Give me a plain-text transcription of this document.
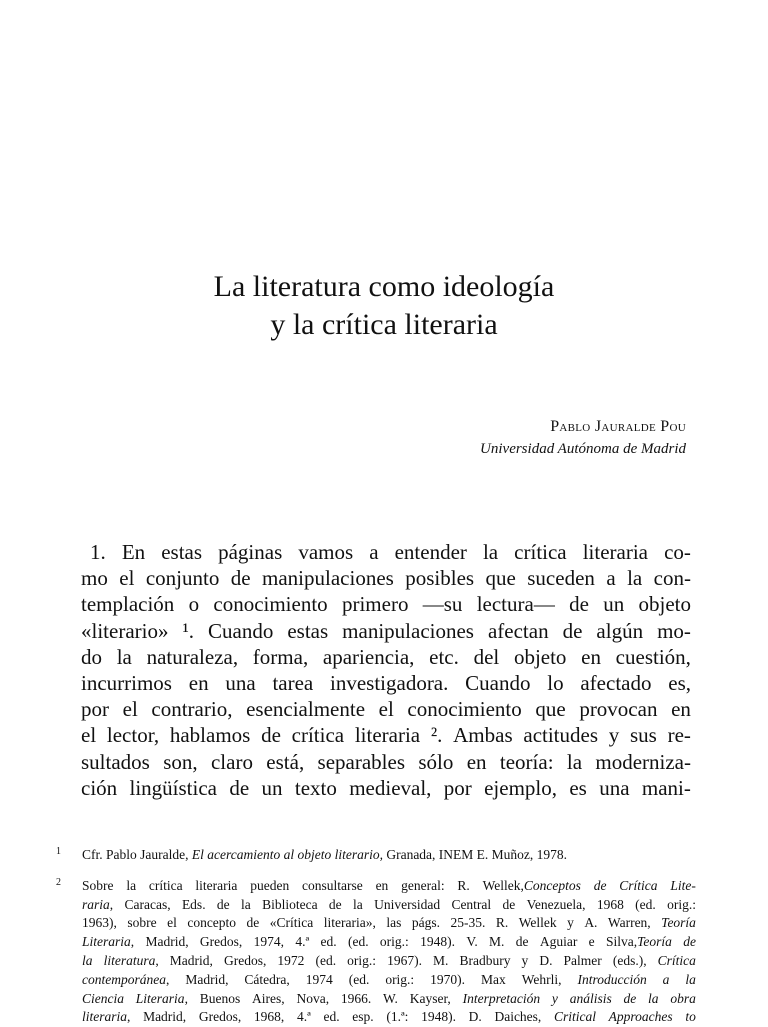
La literatura como ideología
y la crítica literaria
Pablo Jauralde Pou
Universidad Autónoma de Madrid
1. En estas páginas vamos a entender la crítica literaria co-
mo el conjunto de manipulaciones posibles que suceden a la con-
templación o conocimiento primero —su lectura— de un objeto
«literario» ¹. Cuando estas manipulaciones afectan de algún mo-
do la naturaleza, forma, apariencia, etc. del objeto en cuestión,
incurrimos en una tarea investigadora. Cuando lo afectado es,
por el contrario, esencialmente el conocimiento que provocan en
el lector, hablamos de crítica literaria ². Ambas actitudes y sus re-
sultados son, claro está, separables sólo en teoría: la moderniza-
ción lingüística de un texto medieval, por ejemplo, es una mani-
1 Cfr. Pablo Jauralde, El acercamiento al objeto literario, Granada, INEM E. Muñoz, 1978.
2 Sobre la crítica literaria pueden consultarse en general: R. Wellek,Conceptos de Crítica Lite-
raria, Caracas, Eds. de la Biblioteca de la Universidad Central de Venezuela, 1968 (ed. orig.:
1963), sobre el concepto de «Crítica literaria», las págs. 25-35. R. Wellek y A. Warren, Teoría
Literaria, Madrid, Gredos, 1974, 4.ª ed. (ed. orig.: 1948). V. M. de Aguiar e Silva,Teoría de
la literatura, Madrid, Gredos, 1972 (ed. orig.: 1967). M. Bradbury y D. Palmer (eds.), Crítica
contemporánea, Madrid, Cátedra, 1974 (ed. orig.: 1970). Max Wehrli, Introducción a la
Ciencia Literaria, Buenos Aires, Nova, 1966. W. Kayser, Interpretación y análisis de la obra
literaria, Madrid, Gredos, 1968, 4.ª ed. esp. (1.ª: 1948). D. Daiches, Critical Approaches to
